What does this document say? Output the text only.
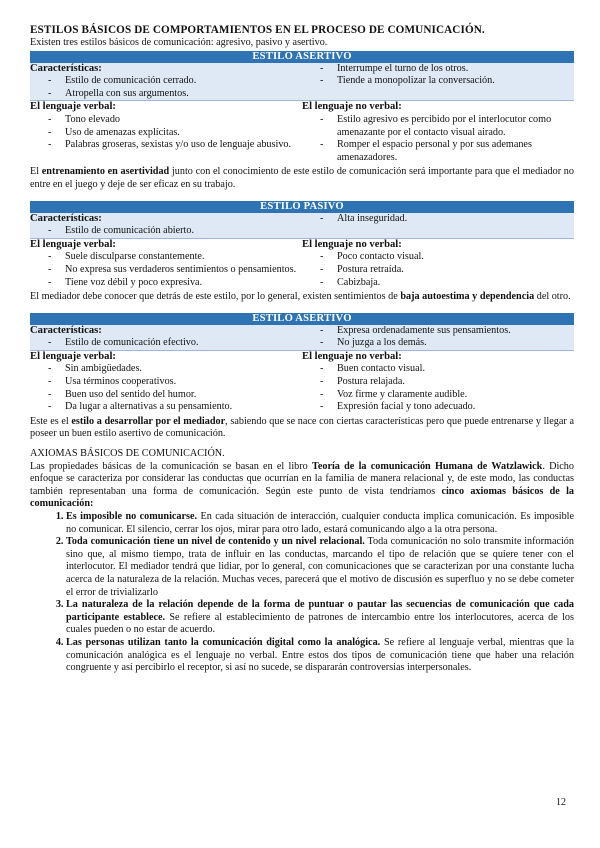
ESTILOS BÁSICOS DE COMPORTAMIENTOS EN EL PROCESO DE COMUNICACIÓN.

Existen tres estilos básicos de comunicación: agresivo, pasivo y asertivo.

ESTILO ASERTIVO
Características:
- Estilo de comunicación cerrado.
- Atropella con sus argumentos.
- Interrumpe el turno de los otros.
- Tiende a monopolizar la conversación.
El lenguaje verbal:
- Tono elevado
- Uso de amenazas explícitas.
- Palabras groseras, sexistas y/o uso de lenguaje abusivo.
El lenguaje no verbal:
- Estilo agresivo es percibido por el interlocutor como amenazante por el contacto visual airado.
- Romper el espacio personal y por sus ademanes amenazadores.

El entrenamiento en asertividad junto con el conocimiento de este estilo de comunicación será importante para que el mediador no entre en el juego y deje de ser eficaz en su trabajo.

ESTILO PASIVO
Características:
- Estilo de comunicación abierto.
- Alta inseguridad.
El lenguaje verbal:
- Suele disculparse constantemente.
- No expresa sus verdaderos sentimientos o pensamientos.
- Tiene voz débil y poco expresiva.
El lenguaje no verbal:
- Poco contacto visual.
- Postura retraída.
- Cabizbaja.

El mediador debe conocer que detrás de este estilo, por lo general, existen sentimientos de baja autoestima y dependencia del otro.

ESTILO ASERTIVO
Características:
- Estilo de comunicación efectivo.
- Expresa ordenadamente sus pensamientos.
- No juzga a los demás.
El lenguaje verbal:
- Sin ambigüedades.
- Usa términos cooperativos.
- Buen uso del sentido del humor.
- Da lugar a alternativas a su pensamiento.
El lenguaje no verbal:
- Buen contacto visual.
- Postura relajada.
- Voz firme y claramente audible.
- Expresión facial y tono adecuado.

Este es el estilo a desarrollar por el mediador, sabiendo que se nace con ciertas características pero que puede entrenarse y llegar a poseer un buen estilo asertivo de comunicación.

AXIOMAS BÁSICOS DE COMUNICACIÓN.

Las propiedades básicas de la comunicación se basan en el libro Teoría de la comunicación Humana de Watzlawick. Dicho enfoque se caracteriza por considerar las conductas que ocurrían en la familia de manera relacional y, de este modo, las conductas también representaban una forma de comunicación. Según este punto de vista tendríamos cinco axiomas básicos de la comunicación:

1. Es imposible no comunicarse. En cada situación de interacción, cualquier conducta implica comunicación. Es imposible no comunicar. El silencio, cerrar los ojos, mirar para otro lado, estará comunicando algo a la otra persona.
2. Toda comunicación tiene un nivel de contenido y un nivel relacional. Toda comunicación no solo transmite información sino que, al mismo tiempo, trata de influir en las conductas, marcando el tipo de relación que se quiere tener con el interlocutor. El mediador tendrá que lidiar, por lo general, con comunicaciones que se caracterizan por una constante lucha acerca de la naturaleza de la relación. Muchas veces, parecerá que el motivo de discusión es superfluo y no se debe cometer el error de trivializarlo
3. La naturaleza de la relación depende de la forma de puntuar o pautar las secuencias de comunicación que cada participante establece. Se refiere al establecimiento de patrones de intercambio entre los interlocutores, acerca de los cuales pueden o no estar de acuerdo.
4. Las personas utilizan tanto la comunicación digital como la analógica. Se refiere al lenguaje verbal, mientras que la comunicación analógica es el lenguaje no verbal. Entre estos dos tipos de comunicación tiene que haber una relación congruente y así percibirlo el receptor, si así no sucede, se dispararán controversias interpersonales.
12
